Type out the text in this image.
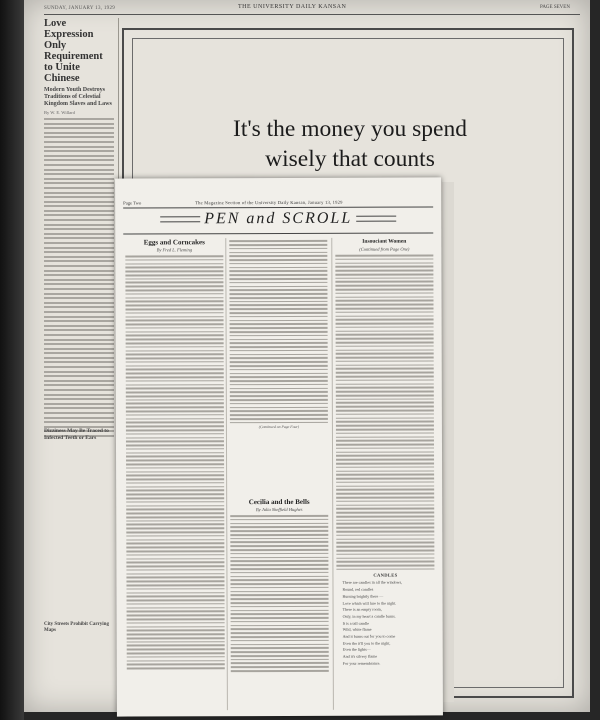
SUNDAY, JANUARY 13, 1929	THE UNIVERSITY DAILY KANSAN	PAGE SEVEN
Love Expression Only Requirement to Unite Chinese
Modern Youth Destroys Traditions of Celestial Kingdom Slaves and Laws
By W. E. Willard
Dizziness May Be Traced to Infected Teeth or Ears
City Streets Prohibit Carrying Maps
It's the money you spend
wisely that counts
Page Two	The Magazine Section of the University Daily Kansan, January 13, 1929
PEN and SCROLL
Eggs and Corncakes
By Fred L. Fleming
(Continued on Page Four)
Cecilia and the Bells
By Julia Sheffield Hughes
Insouciant Women
(Continued from Page One)
CANDLES
There are candles in all the windows,
Round, red candles
Burning brightly there —
Love which will lure to the night.
There is an empty room,
Only, in my heart a candle burns.
It is a tall candle
Wild, white flame
And it burns out for you to come
Even tho it'll you to the night,
Even the lights—
And it's silvery flame
For your remembrance.
